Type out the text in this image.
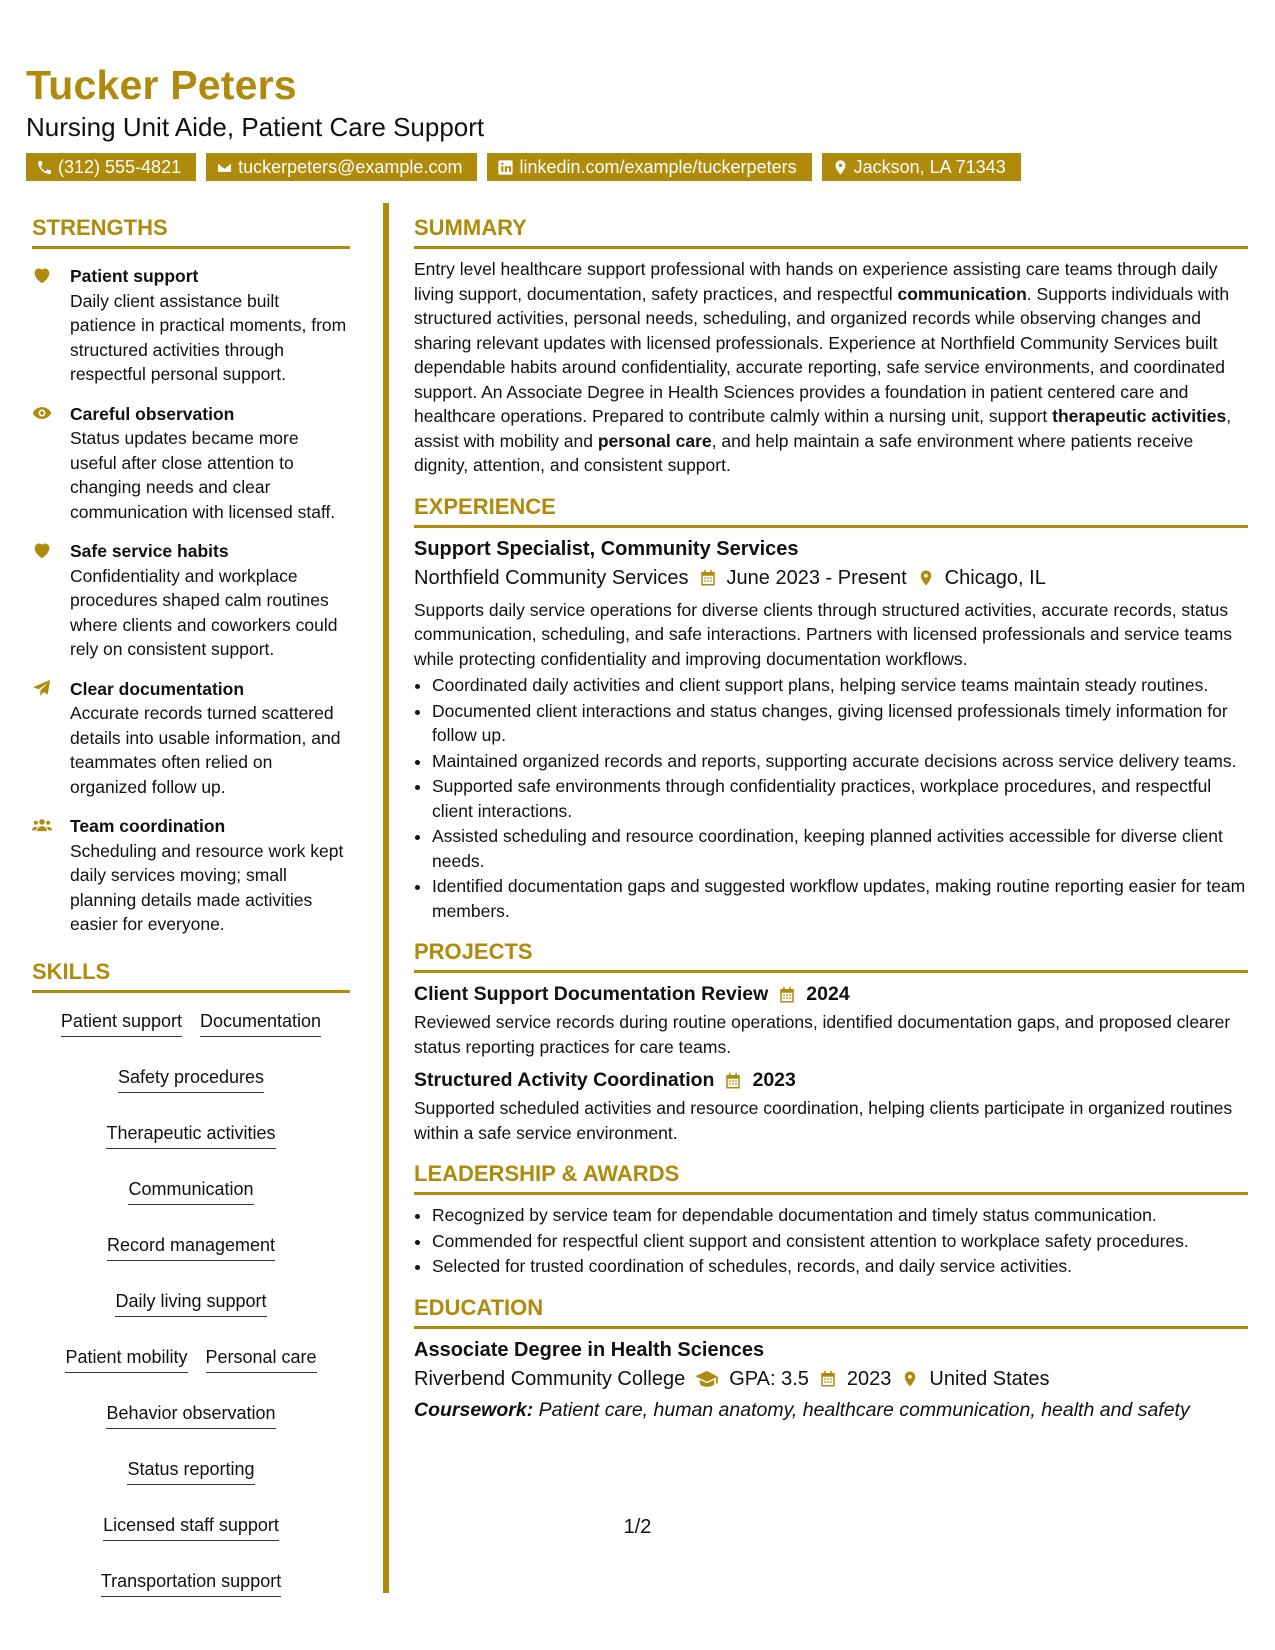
Tucker Peters
Nursing Unit Aide, Patient Care Support
(312) 555-4821	tuckerpeters@example.com	linkedin.com/example/tuckerpeters	Jackson, LA 71343
STRENGTHS
Patient support
Daily client assistance built patience in practical moments, from structured activities through respectful personal support.
Careful observation
Status updates became more useful after close attention to changing needs and clear communication with licensed staff.
Safe service habits
Confidentiality and workplace procedures shaped calm routines where clients and coworkers could rely on consistent support.
Clear documentation
Accurate records turned scattered details into usable information, and teammates often relied on organized follow up.
Team coordination
Scheduling and resource work kept daily services moving; small planning details made activities easier for everyone.
SKILLS
Patient support Documentation
Safety procedures
Therapeutic activities
Communication
Record management
Daily living support
Patient mobility Personal care
Behavior observation
Status reporting
Licensed staff support
Transportation support
SUMMARY

Entry level healthcare support professional with hands on experience assisting care teams through daily living support, documentation, safety practices, and respectful communication. Supports individuals with structured activities, personal needs, scheduling, and organized records while observing changes and sharing relevant updates with licensed professionals. Experience at Northfield Community Services built dependable habits around confidentiality, accurate reporting, safe service environments, and coordinated support. An Associate Degree in Health Sciences provides a foundation in patient centered care and healthcare operations. Prepared to contribute calmly within a nursing unit, support therapeutic activities, assist with mobility and personal care, and help maintain a safe environment where patients receive dignity, attention, and consistent support.

EXPERIENCE
Support Specialist, Community Services
Northfield Community Services June 2023 - Present Chicago, IL

Supports daily service operations for diverse clients through structured activities, accurate records, status communication, scheduling, and safe interactions. Partners with licensed professionals and service teams while protecting confidentiality and improving documentation workflows.

• Coordinated daily activities and client support plans, helping service teams maintain steady routines.
• Documented client interactions and status changes, giving licensed professionals timely information for follow up.
• Maintained organized records and reports, supporting accurate decisions across service delivery teams.
• Supported safe environments through confidentiality practices, workplace procedures, and respectful client interactions.
• Assisted scheduling and resource coordination, keeping planned activities accessible for diverse client needs.
• Identified documentation gaps and suggested workflow updates, making routine reporting easier for team members.
PROJECTS
Client Support Documentation Review 2024

Reviewed service records during routine operations, identified documentation gaps, and proposed clearer status reporting practices for care teams.

Structured Activity Coordination 2023

Supported scheduled activities and resource coordination, helping clients participate in organized routines within a safe service environment.

LEADERSHIP & AWARDS
• Recognized by service team for dependable documentation and timely status communication.
• Commended for respectful client support and consistent attention to workplace safety procedures.
• Selected for trusted coordination of schedules, records, and daily service activities.
EDUCATION
Associate Degree in Health Sciences
Riverbend Community College GPA: 3.5 2023 United States
Coursework: Patient care, human anatomy, healthcare communication, health and safety
1/2
